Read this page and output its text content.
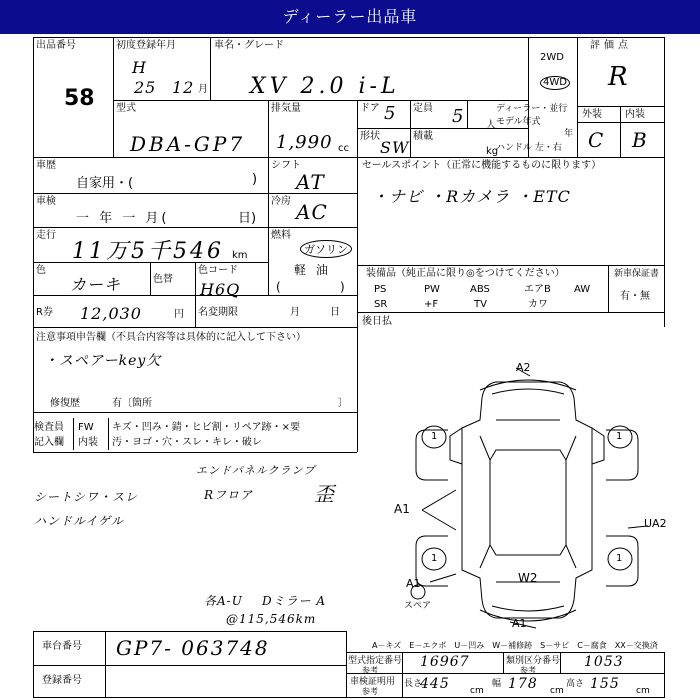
ディーラー出品車
出品番号
58
初度登録年月
H
25 12 月
車名・グレード
XV 2.0 i-L
2WD
4WD
評価点
R
外装 内装
C B
型式
DBA-GP7
排気量
1,990 cc
ドア 5 定員 5 人
ディーラー・並行
モデル年式
年
ハンドル 左・右
形状
SW
積載
kg
車歴
自家用・(	)
シフト
AT
車検
一 年 一 月(	日)
冷房 AC
走行
11万5千546 km
燃料
ガソリン
軽 油
(	)
色
カーキ	色替
色コード
H6Q
R券 12,030	円 名変期限	月	日
注意事項申告欄（不具合内容等は具体的に記入して下さい）
・スペアーkey欠
修復歴	有〔箇所	〕
検査員
記入欄
FW
内装
キズ・凹み・錆・ヒビ割・リペア跡・×要
汚・ヨゴ・穴・スレ・キレ・破レ
セールスポイント（正常に機能するものに限ります）
・ナビ ・Rカメラ ・ETC
装備品（純正品に限り◎をつけてください）
PS	PW	ABS	エアB AW
SR	+F	TV	カワ
新車保証書
有・無
後日払
シートシワ・スレ
ハンドルイゲル
エンドパネルクランプ
Rフロア	歪
各A-U Dミラー A
@115,546km
A2
A1
UA2
A1	W2
A1
スペア
1	1
1	1
車台番号 GP7- 063748
登録番号
A－キズ　E－エクボ　U－凹み　W－補修跡　S－サビ　C－腐食　XX－交換済
型式指定番号
参考
16967	類別区分番号
参考
1053
車検証明用
参考
長さ
445 cm
幅 178 cm
高さ 155 cm
